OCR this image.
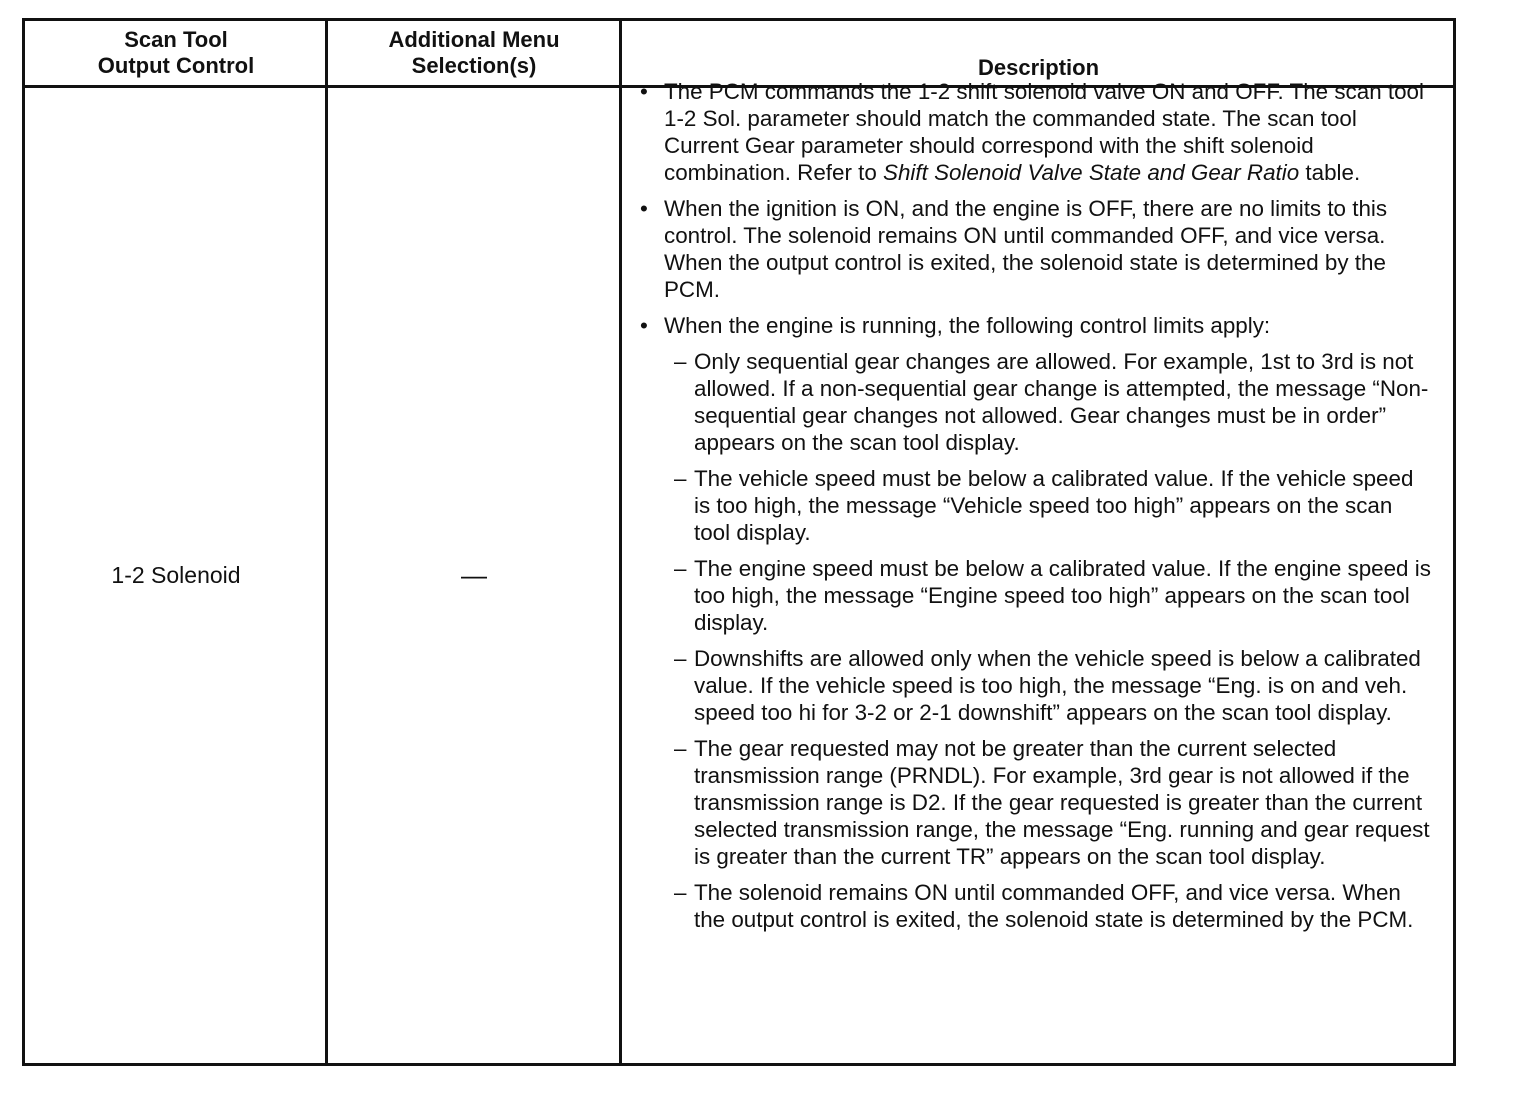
Scan Tool
Output Control
Additional Menu
Selection(s)	Description
1-2 Solenoid	—
• The PCM commands the 1-2 shift solenoid valve ON and OFF. The scan tool 1-2 Sol. parameter should match the commanded state. The scan tool Current Gear parameter should correspond with the shift solenoid combination. Refer to Shift Solenoid Valve State and Gear Ratio table.
• When the ignition is ON, and the engine is OFF, there are no limits to this control. The solenoid remains ON until commanded OFF, and vice versa. When the output control is exited, the solenoid state is determined by the PCM.
• When the engine is running, the following control limits apply:
– Only sequential gear changes are allowed. For example, 1st to 3rd is not allowed. If a non-sequential gear change is attempted, the message “Non-sequential gear changes not allowed. Gear changes must be in order” appears on the scan tool display.
– The vehicle speed must be below a calibrated value. If the vehicle speed is too high, the message “Vehicle speed too high” appears on the scan tool display.
– The engine speed must be below a calibrated value. If the engine speed is too high, the message “Engine speed too high” appears on the scan tool display.
– Downshifts are allowed only when the vehicle speed is below a calibrated value. If the vehicle speed is too high, the message “Eng. is on and veh. speed too hi for 3-2 or 2-1 downshift” appears on the scan tool display.
– The gear requested may not be greater than the current selected transmission range (PRNDL). For example, 3rd gear is not allowed if the transmission range is D2. If the gear requested is greater than the current selected transmission range, the message “Eng. running and gear request is greater than the current TR” appears on the scan tool display.
– The solenoid remains ON until commanded OFF, and vice versa. When the output control is exited, the solenoid state is determined by the PCM.
